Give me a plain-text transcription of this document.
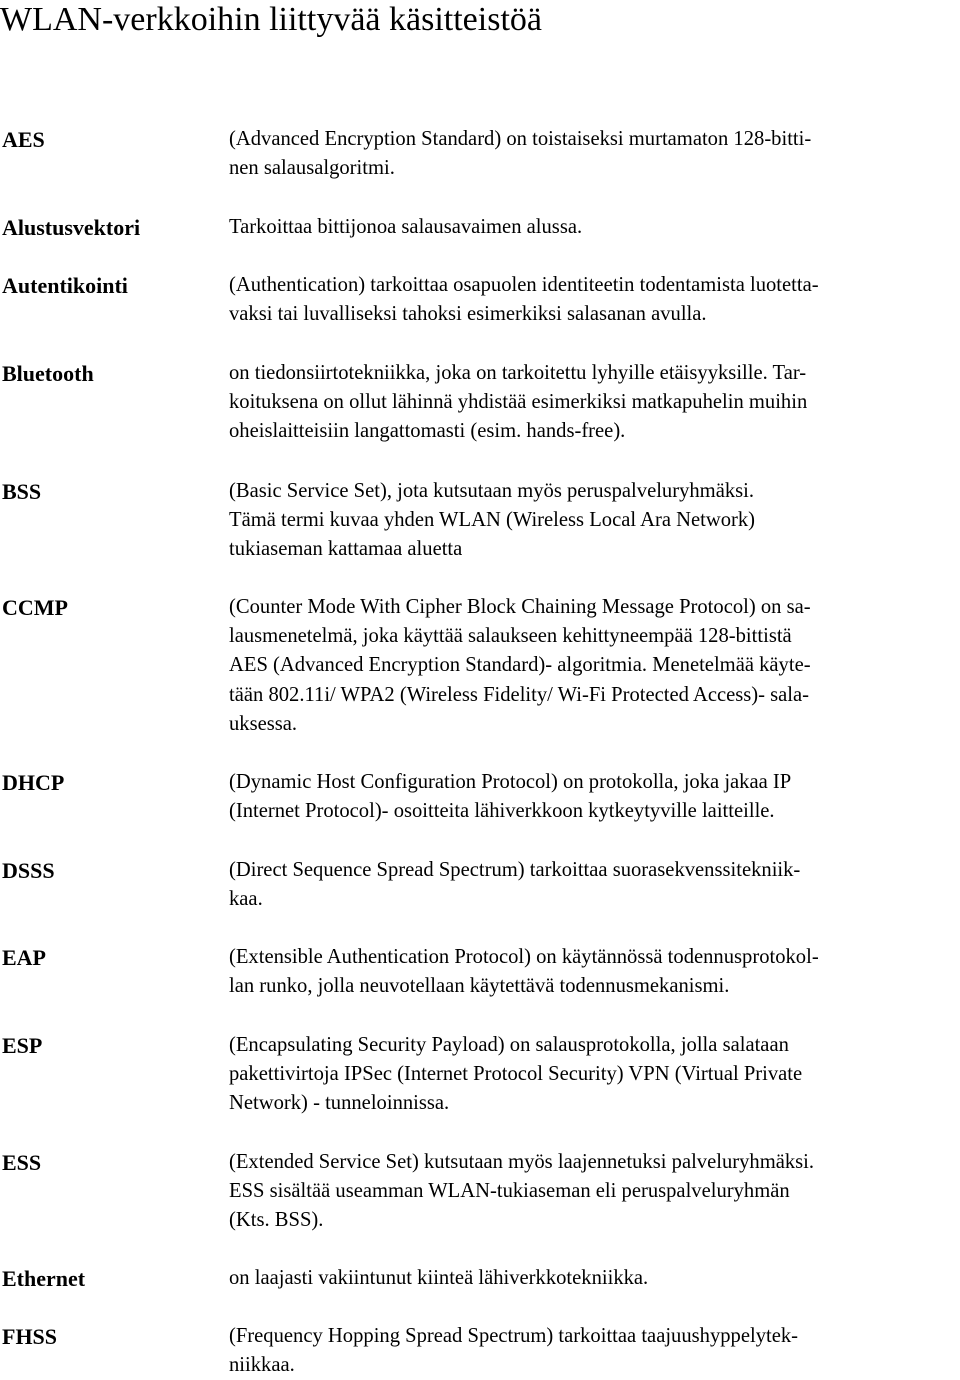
WLAN-verkkoihin liittyvää käsitteistöä
AES	(Advanced Encryption Standard) on toistaiseksi murtamaton 128-bitti-
nen salausalgoritmi.
Alustusvektori	Tarkoittaa bittijonoa salausavaimen alussa.
Autentikointi	(Authentication) tarkoittaa osapuolen identiteetin todentamista luotetta-
vaksi tai luvalliseksi tahoksi esimerkiksi salasanan avulla.
Bluetooth	on tiedonsiirtotekniikka, joka on tarkoitettu lyhyille etäisyyksille. Tar-
koituksena on ollut lähinnä yhdistää esimerkiksi matkapuhelin muihin
oheislaitteisiin langattomasti (esim. hands-free).
BSS	(Basic Service Set), jota kutsutaan myös peruspalveluryhmäksi.
Tämä termi kuvaa yhden WLAN (Wireless Local Ara Network)
tukiaseman kattamaa aluetta
CCMP	(Counter Mode With Cipher Block Chaining Message Protocol) on sa-
lausmenetelmä, joka käyttää salaukseen kehittyneempää 128-bittistä
AES (Advanced Encryption Standard)- algoritmia. Menetelmää käyte-
tään 802.11i/ WPA2 (Wireless Fidelity/ Wi-Fi Protected Access)- sala-
uksessa.
DHCP	(Dynamic Host Configuration Protocol) on protokolla, joka jakaa IP
(Internet Protocol)- osoitteita lähiverkkoon kytkeytyville laitteille.
DSSS	(Direct Sequence Spread Spectrum) tarkoittaa suorasekvenssitekniik-
kaa.
EAP	(Extensible Authentication Protocol) on käytännössä todennusprotokol-
lan runko, jolla neuvotellaan käytettävä todennusmekanismi.
ESP	(Encapsulating Security Payload) on salausprotokolla, jolla salataan
pakettivirtoja IPSec (Internet Protocol Security) VPN (Virtual Private
Network) - tunneloinnissa.
ESS	(Extended Service Set) kutsutaan myös laajennetuksi palveluryhmäksi.
ESS sisältää useamman WLAN-tukiaseman eli peruspalveluryhmän
(Kts. BSS).
Ethernet	on laajasti vakiintunut kiinteä lähiverkkotekniikka.
FHSS	(Frequency Hopping Spread Spectrum) tarkoittaa taajuushyppelytek-
niikkaa.
